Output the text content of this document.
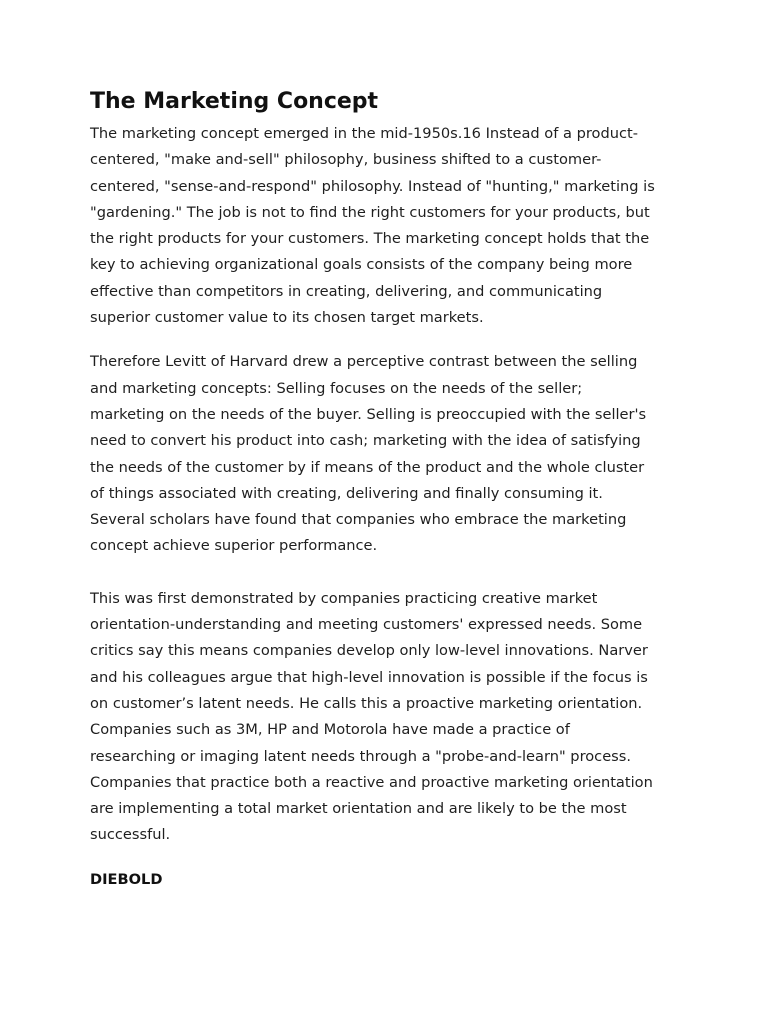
The Marketing Concept

The marketing concept emerged in the mid-1950s.16 Instead of a product-
centered, "make and-sell" philosophy, business shifted to a customer-
centered, "sense-and-respond" philosophy. Instead of "hunting," marketing is
"gardening." The job is not to find the right customers for your products, but
the right products for your customers. The marketing concept holds that the
key to achieving organizational goals consists of the company being more
effective than competitors in creating, delivering, and communicating
superior customer value to its chosen target markets.

Therefore Levitt of Harvard drew a perceptive contrast between the selling
and marketing concepts: Selling focuses on the needs of the seller;
marketing on the needs of the buyer. Selling is preoccupied with the seller's
need to convert his product into cash; marketing with the idea of satisfying
the needs of the customer by if means of the product and the whole cluster
of things associated with creating, delivering and finally consuming it.
Several scholars have found that companies who embrace the marketing
concept achieve superior performance.

This was first demonstrated by companies practicing creative market
orientation-understanding and meeting customers' expressed needs. Some
critics say this means companies develop only low-level innovations. Narver
and his colleagues argue that high-level innovation is possible if the focus is
on customer’s latent needs. He calls this a proactive marketing orientation.
Companies such as 3M, HP and Motorola have made a practice of
researching or imaging latent needs through a "probe-and-learn" process.
Companies that practice both a reactive and proactive marketing orientation
are implementing a total market orientation and are likely to be the most
successful.

DIEBOLD
